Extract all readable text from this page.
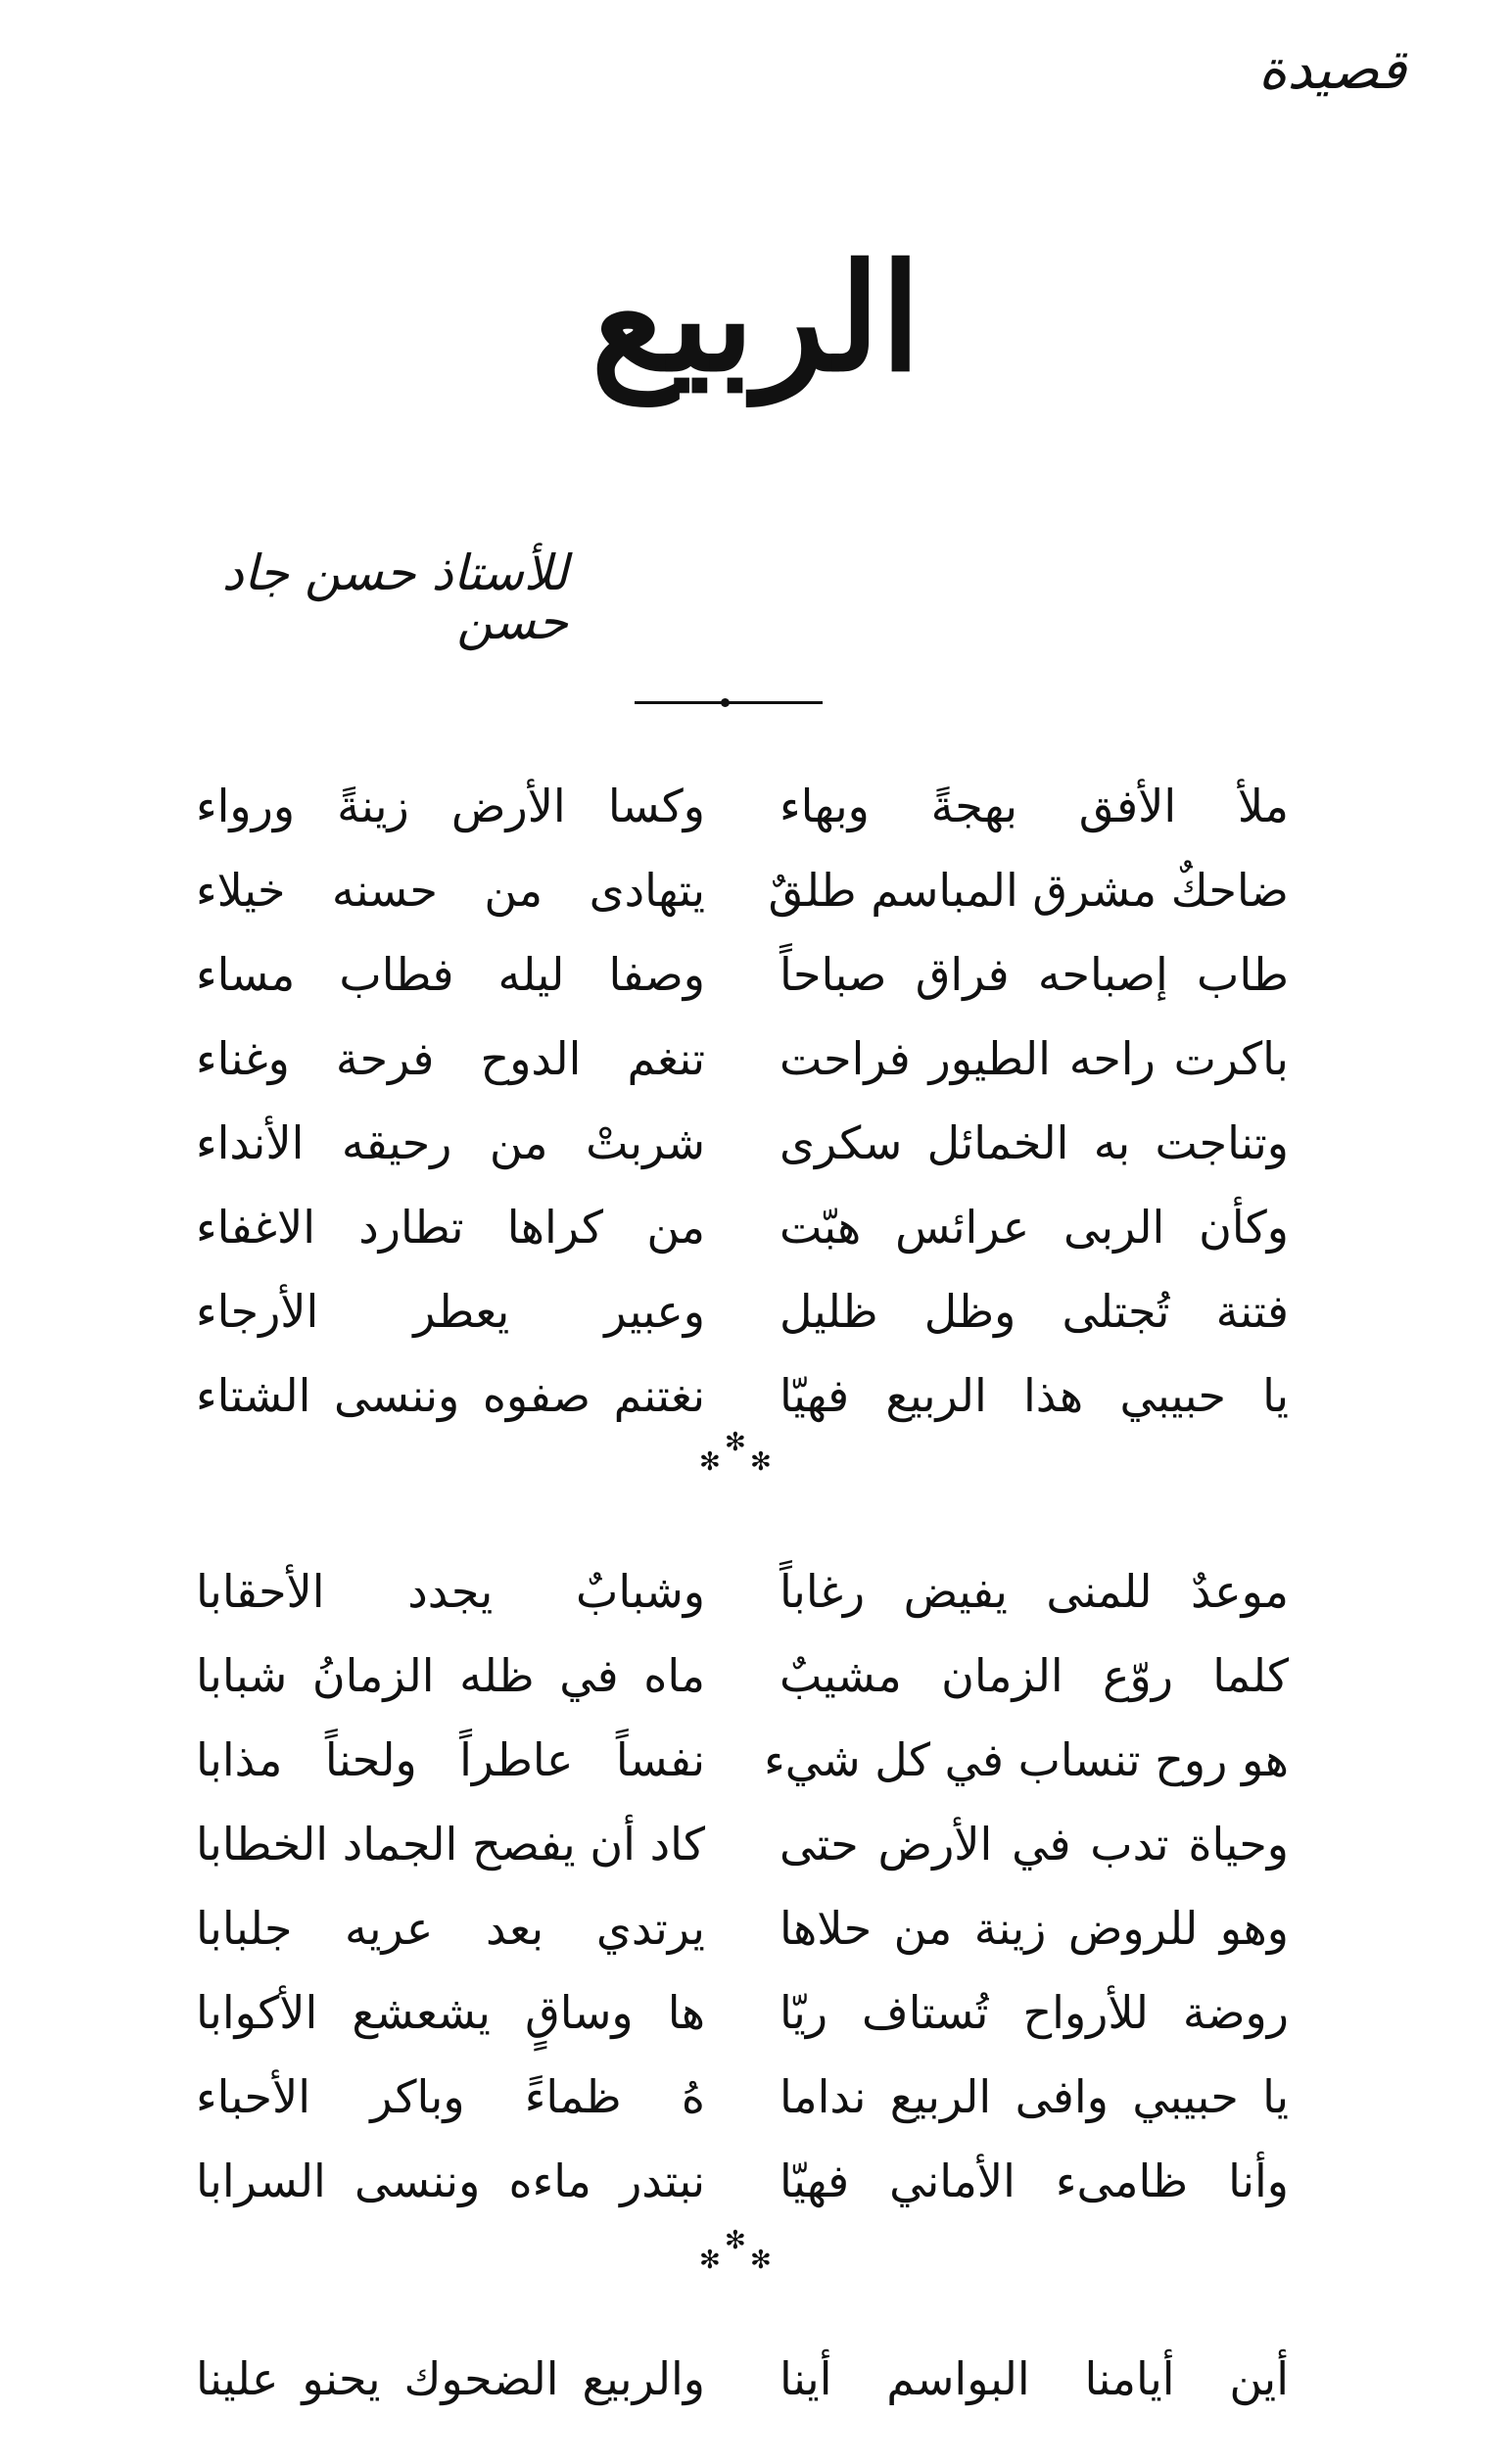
قصيدة
الربيع
للأستاذ حسن جاد حسن
ملأ الأفق بهجةً وبهاء
وكسا الأرض زينةً ورواء
ضاحكٌ مشرق المباسم طلقٌ
يتهادى من حسنه خيلاء
طاب إصباحه فراق صباحاً
وصفا ليله فطاب مساء
باكرت راحه الطيور فراحت
تنغم الدوح فرحة وغناء
وتناجت به الخمائل سكرى
شربتْ من رحيقه الأنداء
وكأن الربى عرائس هبّت
من كراها تطارد الاغفاء
فتنة تُجتلى وظل ظليل
وعبير يعطر الأرجاء
يا حبيبي هذا الربيع فهيّا
نغتنم صفوه وننسى الشتاء
✻
✻
✻
موعدٌ للمنى يفيض رغاباً
وشبابٌ يجدد الأحقابا
كلما روّع الزمان مشيبٌ
ماه في ظله الزمانُ شبابا
هو روح تنساب في كل شيء
نفساً عاطراً ولحناً مذابا
وحياة تدب في الأرض حتى
كاد أن يفصح الجماد الخطابا
وهو للروض زينة من حلاها
يرتدي بعد عريه جلبابا
روضة للأرواح تُستاف ريّا
ها وساقٍ يشعشع الأكوابا
يا حبيبي وافى الربيع نداما
هُ ظماءً وباكر الأحباء
وأنا ظامىء الأماني فهيّا
نبتدر ماءه وننسى السرابا
✻
✻
✻
أين أيامنا البواسم أينا
والربيع الضحوك يحنو علينا
